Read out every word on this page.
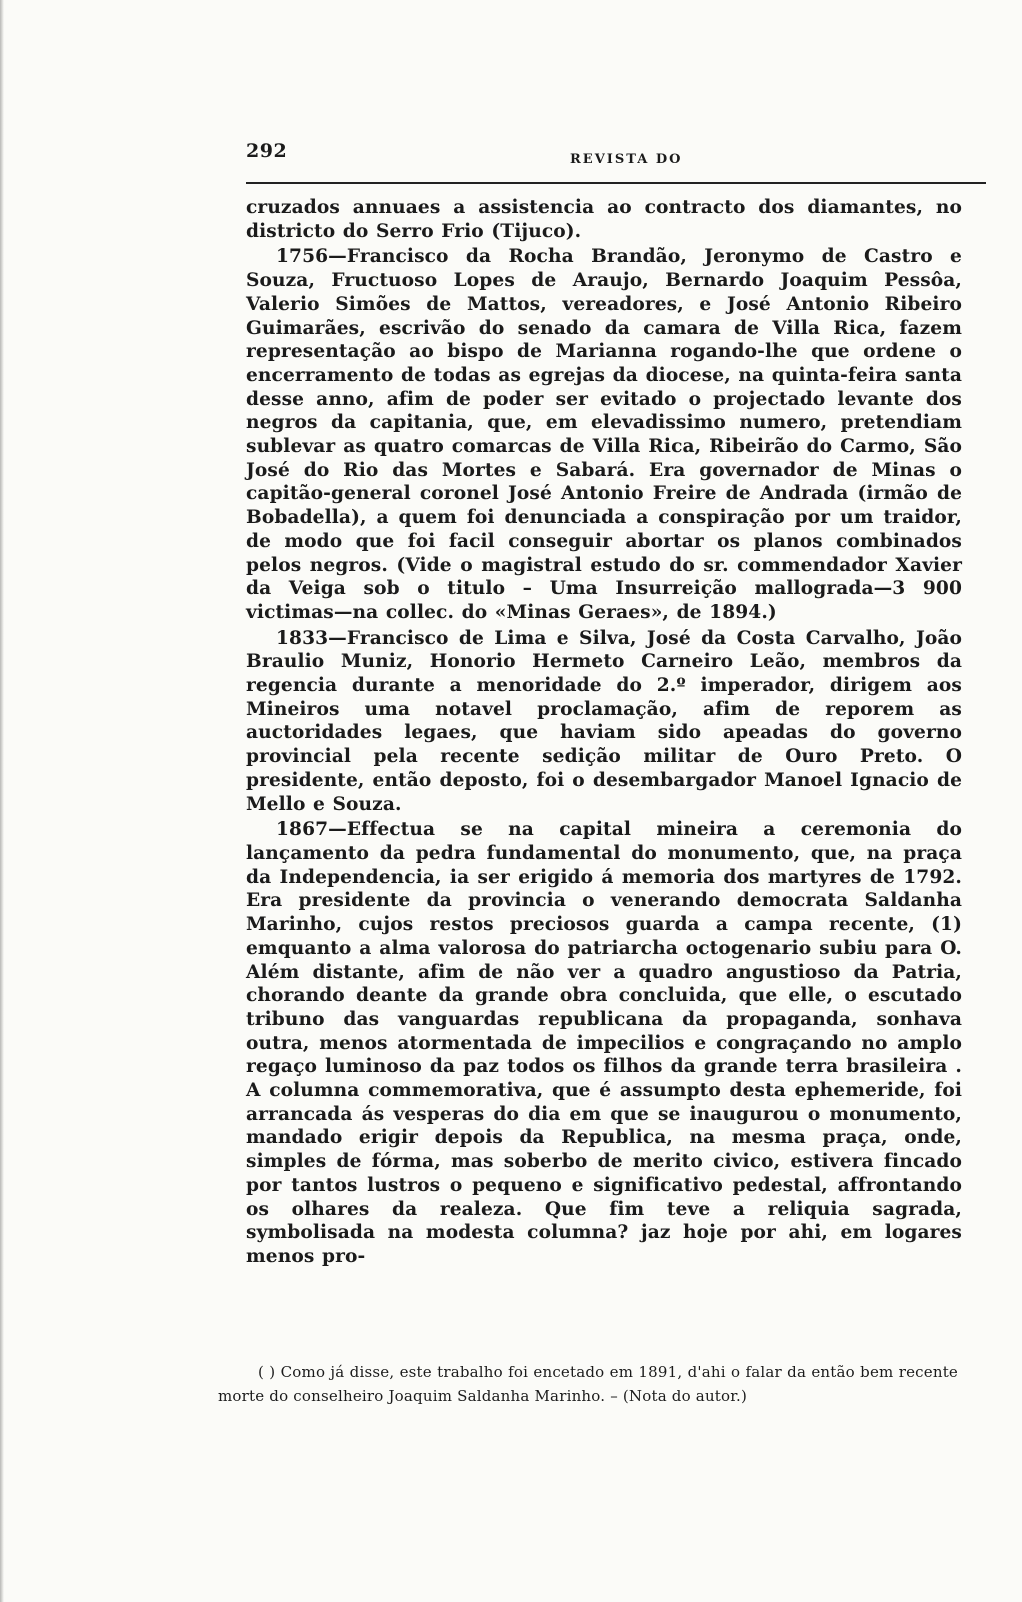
292	REVISTA DO

cruzados annuaes a assistencia ao contracto dos diamantes, no districto do Serro Frio (Tijuco).

1756—Francisco da Rocha Brandão, Jeronymo de Castro e Souza, Fructuoso Lopes de Araujo, Bernardo Joaquim Pessôa, Valerio Simões de Mattos, vereadores, e José Antonio Ribeiro Guimarães, escrivão do senado da camara de Villa Rica, fazem representação ao bispo de Marianna rogando-lhe que ordene o encerramento de todas as egrejas da diocese, na quinta-feira santa desse anno, afim de poder ser evitado o projectado levante dos negros da capitania, que, em elevadissimo numero, pretendiam sublevar as quatro comarcas de Villa Rica, Ribeirão do Carmo, São José do Rio das Mortes e Sabará. Era governador de Minas o capitão-general coronel José Antonio Freire de Andrada (irmão de Bobadella), a quem foi denunciada a conspiração por um traidor, de modo que foi facil conseguir abortar os planos combinados pelos negros. (Vide o magistral estudo do sr. commendador Xavier da Veiga sob o titulo – Uma Insurreição mallograda—3 900 victimas—na collec. do «Minas Geraes», de 1894.)

1833—Francisco de Lima e Silva, José da Costa Carvalho, João Braulio Muniz, Honorio Hermeto Carneiro Leão, membros da regencia durante a menoridade do 2.º imperador, dirigem aos Mineiros uma notavel proclamação, afim de reporem as auctoridades legaes, que haviam sido apeadas do governo provincial pela recente sedição militar de Ouro Preto. O presidente, então deposto, foi o desembargador Manoel Ignacio de Mello e Souza.

1867—Effectua se na capital mineira a ceremonia do lançamento da pedra fundamental do monumento, que, na praça da Independencia, ia ser erigido á memoria dos martyres de 1792. Era presidente da provincia o venerando democrata Saldanha Marinho, cujos restos preciosos guarda a campa recente, (1) emquanto a alma valorosa do patriarcha octogenario subiu para O. Além distante, afim de não ver a quadro angustioso da Patria, chorando deante da grande obra concluida, que elle, o escutado tribuno das vanguardas republicana da propaganda, sonhava outra, menos atormentada de impecilios e congraçando no amplo regaço luminoso da paz todos os filhos da grande terra brasileira . A columna commemorativa, que é assumpto desta ephemeride, foi arrancada ás vesperas do dia em que se inaugurou o monumento, mandado erigir depois da Republica, na mesma praça, onde, simples de fórma, mas soberbo de merito civico, estivera fincado por tantos lustros o pequeno e significativo pedestal, affrontando os olhares da realeza. Que fim teve a reliquia sagrada, symbolisada na modesta columna? jaz hoje por ahi, em logares menos pro-

( ) Como já disse, este trabalho foi encetado em 1891, d'ahi o falar da então bem recente morte do conselheiro Joaquim Saldanha Marinho. – (Nota do autor.)
